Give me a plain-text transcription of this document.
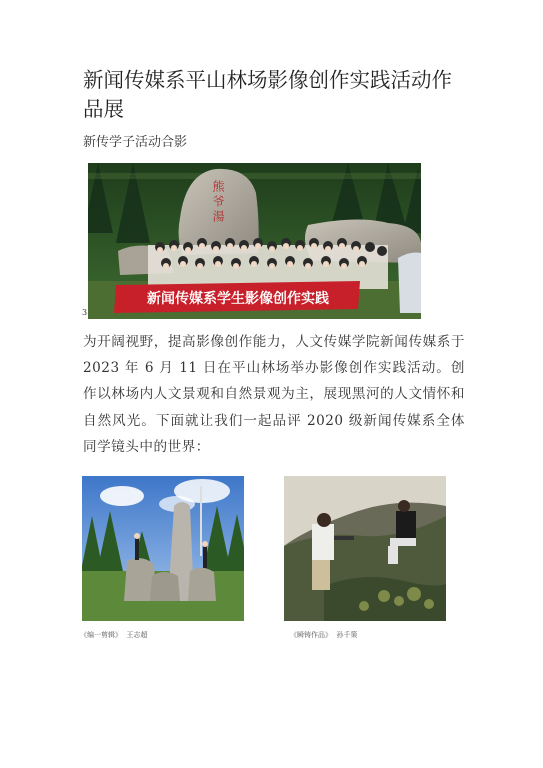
新闻传媒系平山林场影像创作实践活动作品展

新传学子活动合影

熊 爷 湯
新闻传媒系学生影像创作实践
3

为开阔视野，提高影像创作能力，人文传媒学院新闻传媒系于 2023 年 6 月 11 日在平山林场举办影像创作实践活动。创作以林场内人文景观和自然景观为主，展现黑河的人文情怀和自然风光。下面就让我们一起品评 2020 级新闻传媒系全体同学镜头中的世界：

《编一剪辑》  王志超	《瞬铸作品》  孙千策
